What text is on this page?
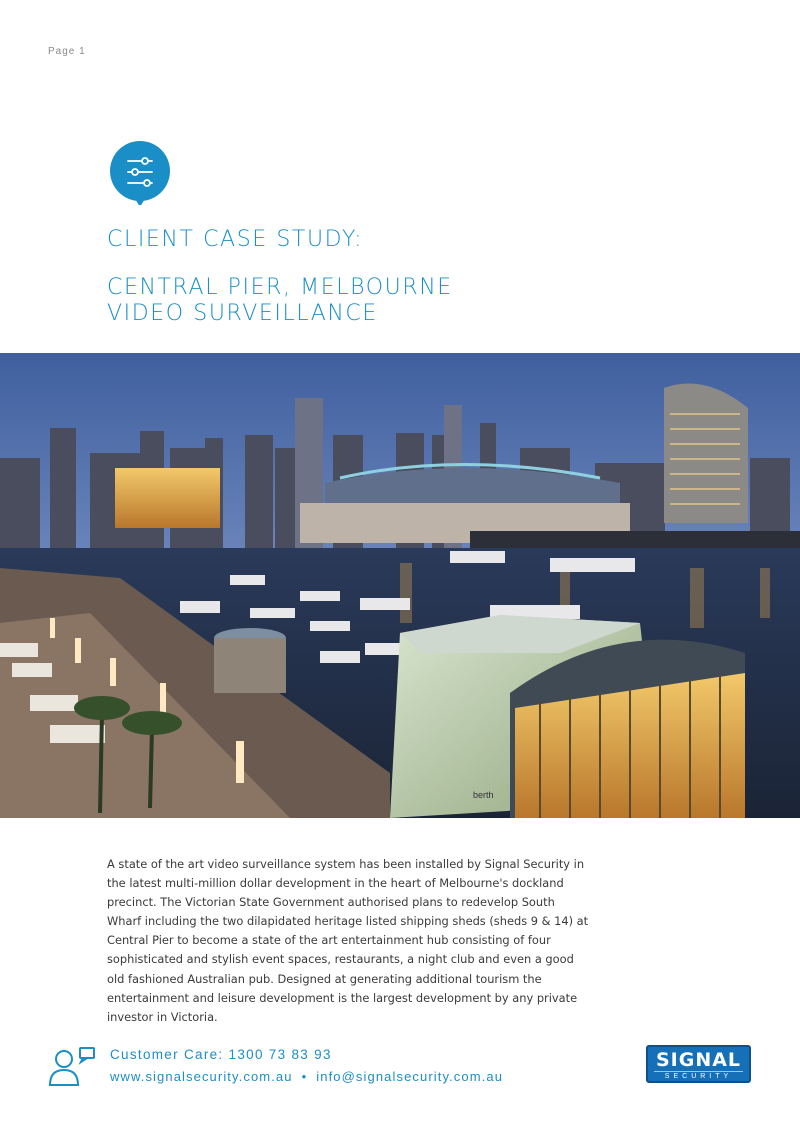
Page 1
CLIENT CASE STUDY:
CENTRAL PIER, MELBOURNE
VIDEO SURVEILLANCE
berth
A state of the art video surveillance system has been installed by Signal Security in the latest multi-million dollar development in the heart of Melbourne's dockland precinct. The Victorian State Government authorised plans to redevelop South Wharf including the two dilapidated heritage listed shipping sheds (sheds 9 & 14) at Central Pier to become a state of the art entertainment hub consisting of four sophisticated and stylish event spaces, restaurants, a night club and even a good old fashioned Australian pub. Designed at generating additional tourism the entertainment and leisure development is the largest development by any private investor in Victoria.
Customer Care: 1300 73 83 93
www.signalsecurity.com.au • info@signalsecurity.com.au
SIGNAL
SECURITY
